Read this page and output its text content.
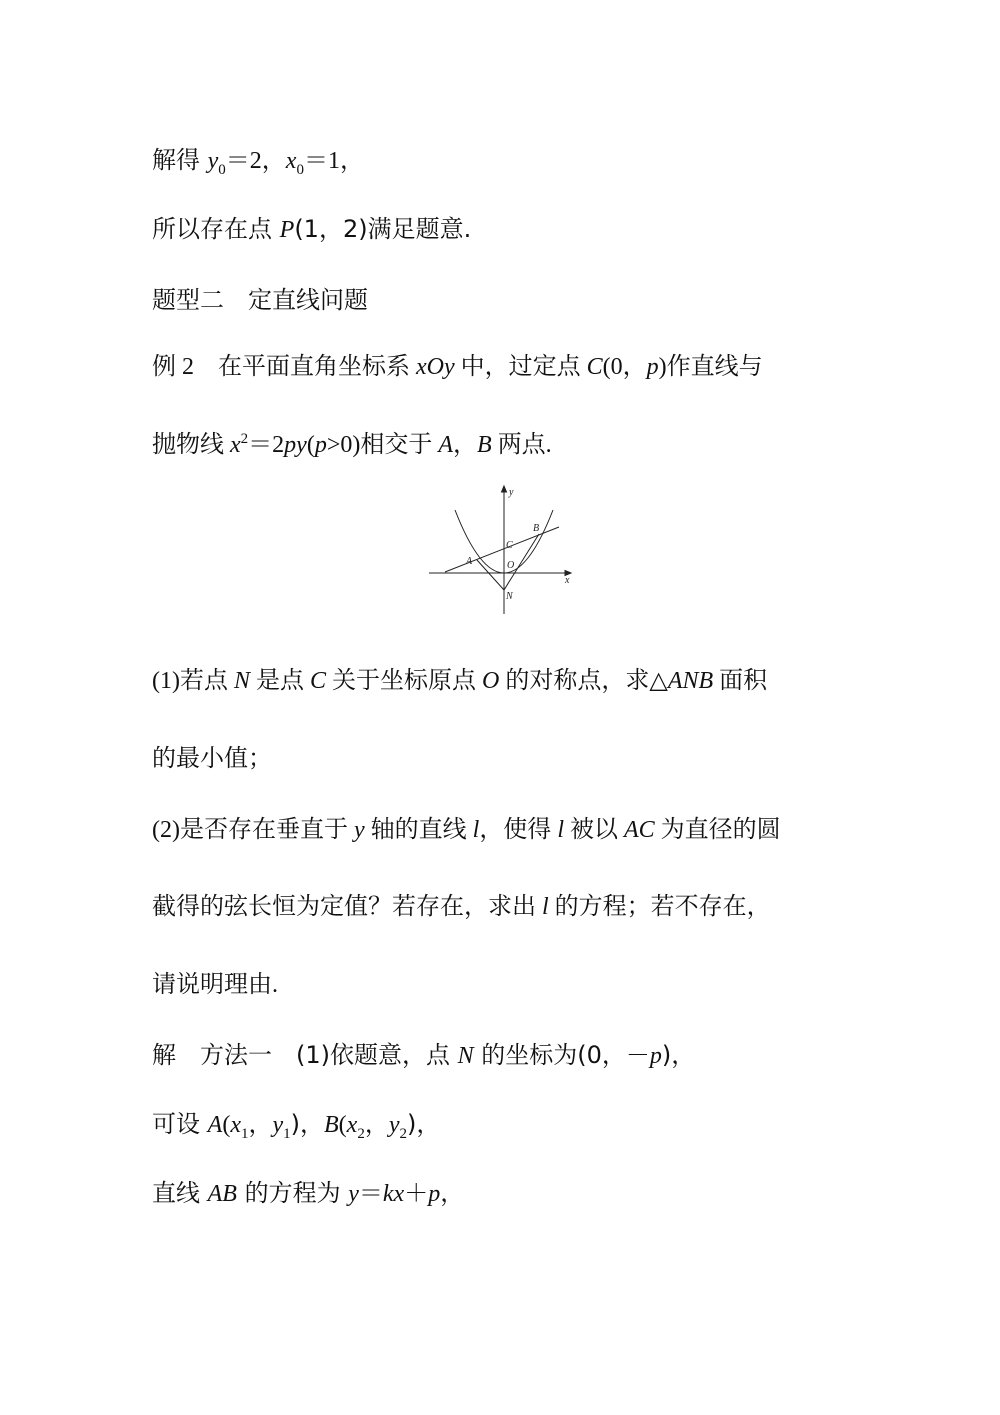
解得 $y_0=2$，$x_0=1$，
所以存在点 P(1，2)满足题意.
题型二　定直线问题
例 2　在平面直角坐标系 xOy 中，过定点 C(0，p)作直线与
抛物线 $x^2=2py(p>0)$相交于 A，B 两点.
y
x
A
B
C
O
N
(1)若点 N 是点 C 关于坐标原点 O 的对称点，求△ANB 面积
的最小值；
(2)是否存在垂直于 y 轴的直线 l，使得 l 被以 AC 为直径的圆
截得的弦长恒为定值？若存在，求出 l 的方程；若不存在，
请说明理由.
解　方法一　(1)依题意，点 N 的坐标为(0，－p)，
可设 $A(x_1$，$y_1$)，$B(x_2$，$y_2$)，
直线 AB 的方程为 y＝kx＋p，
